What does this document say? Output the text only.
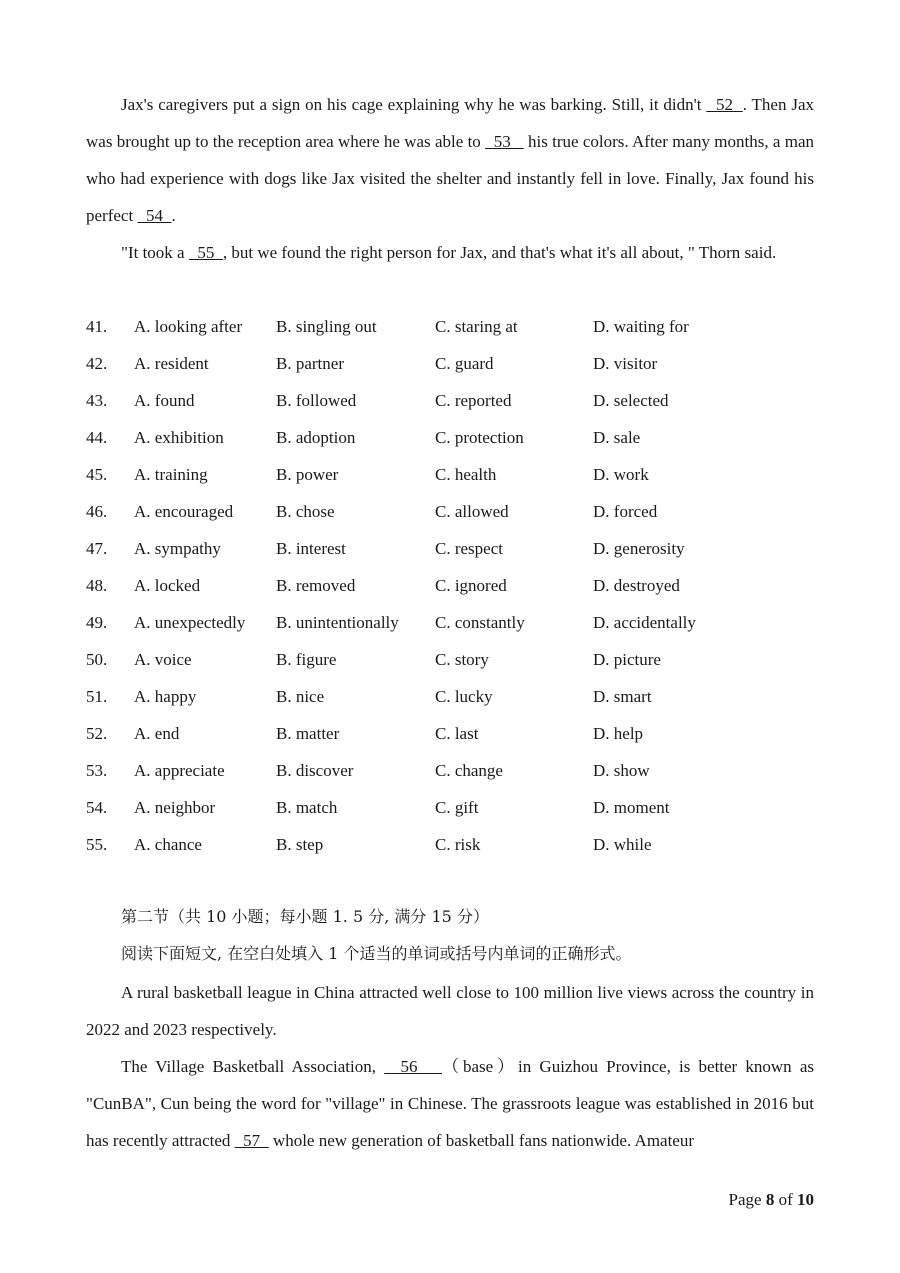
Jax's caregivers put a sign on his cage explaining why he was barking. Still, it didn't   52  . Then Jax was brought up to the reception area where he was able to   53    his true colors. After many months, a man who had experience with dogs like Jax visited the shelter and instantly fell in love. Finally, Jax found his perfect   54  .

"It took a   55  , but we found the right person for Jax, and that's what it's all about, " Thorn said.

41. A. looking after B. singling out	C. staring at	D. waiting for
42. A. resident	B. partner	C. guard	D. visitor
43. A. found	B. followed	C. reported	D. selected
44. A. exhibition	B. adoption	C. protection	D. sale
45. A. training	B. power	C. health	D. work
46. A. encouraged	B. chose	C. allowed	D. forced
47. A. sympathy	B. interest	C. respect	D. generosity
48. A. locked	B. removed	C. ignored	D. destroyed
49. A. unexpectedly B. unintentionally C. constantly	D. accidentally
50. A. voice	B. figure	C. story	D. picture
51. A. happy	B. nice	C. lucky	D. smart
52. A. end	B. matter	C. last	D. help
53. A. appreciate	B. discover	C. change	D. show
54. A. neighbor	B. match	C. gift	D. moment
55. A. chance	B. step	C. risk	D. while

第二节（共 10 小题；每小题 1. 5 分, 满分 15 分）

阅读下面短文, 在空白处填入 1 个适当的单词或括号内单词的正确形式。

A rural basketball league in China attracted well close to 100 million live views across the country in 2022 and 2023 respectively.

The Village Basketball Association,   56   （base）in Guizhou Province, is better known as "CunBA", Cun being the word for "village" in Chinese. The grassroots league was established in 2016 but has recently attracted   57   whole new generation of basketball fans nationwide. Amateur

Page 8 of 10
